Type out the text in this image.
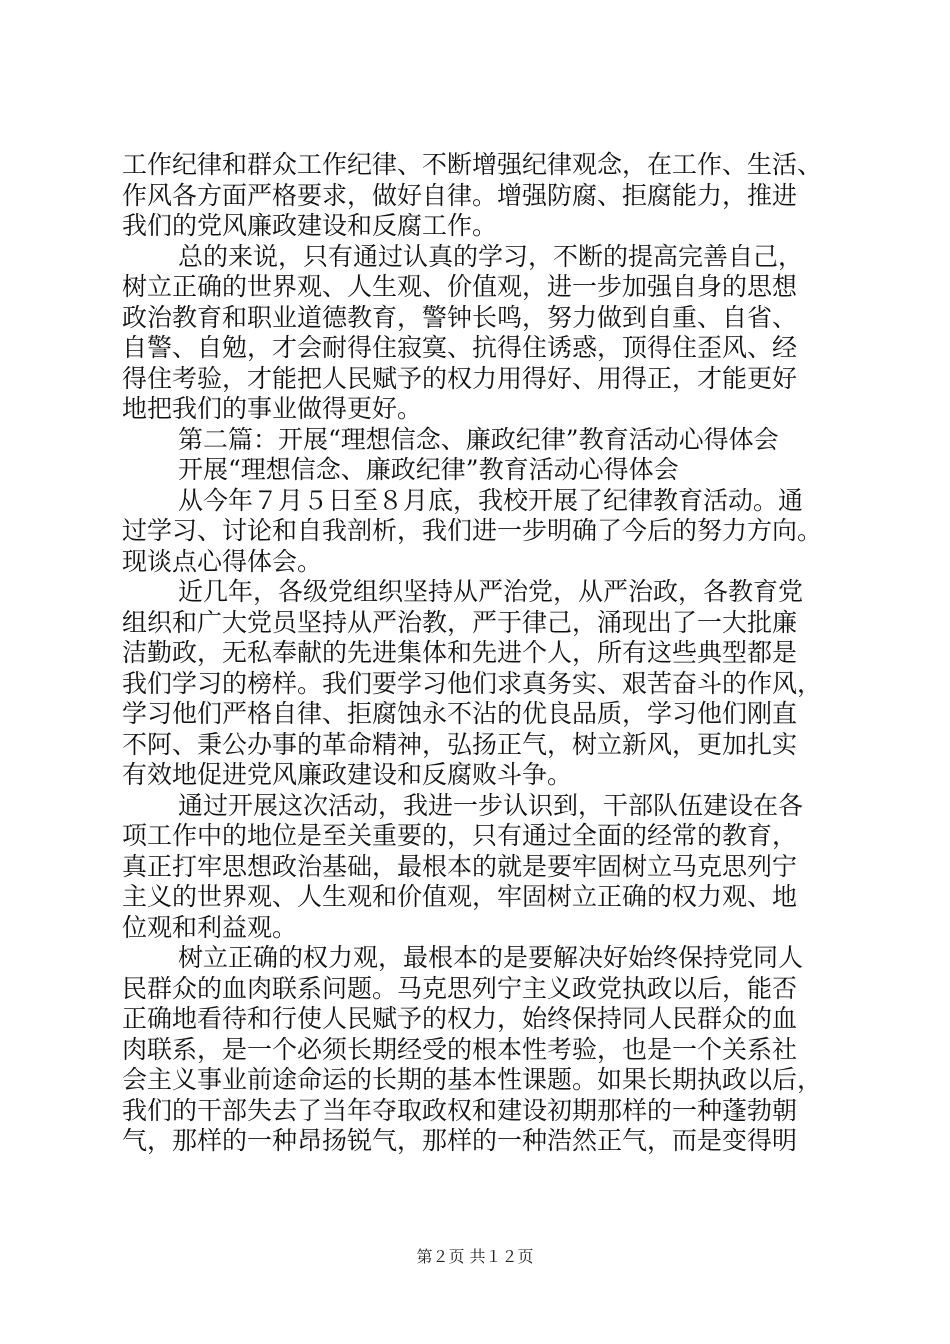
工作纪律和群众工作纪律、不断增强纪律观念，在工作、生活、
作风各方面严格要求，做好自律。增强防腐、拒腐能力，推进
我们的党风廉政建设和反腐工作。
总的来说，只有通过认真的学习，不断的提高完善自己，
树立正确的世界观、人生观、价值观，进一步加强自身的思想
政治教育和职业道德教育，警钟长鸣，努力做到自重、自省、
自警、自勉，才会耐得住寂寞、抗得住诱惑，顶得住歪风、经
得住考验，才能把人民赋予的权力用得好、用得正，才能更好
地把我们的事业做得更好。
第二篇：开展“理想信念、廉政纪律”教育活动心得体会
开展“理想信念、廉政纪律”教育活动心得体会
从今年７月５日至８月底，我校开展了纪律教育活动。通
过学习、讨论和自我剖析，我们进一步明确了今后的努力方向。
现谈点心得体会。
近几年，各级党组织坚持从严治党，从严治政，各教育党
组织和广大党员坚持从严治教，严于律己，涌现出了一大批廉
洁勤政，无私奉献的先进集体和先进个人，所有这些典型都是
我们学习的榜样。我们要学习他们求真务实、艰苦奋斗的作风，
学习他们严格自律、拒腐蚀永不沾的优良品质，学习他们刚直
不阿、秉公办事的革命精神，弘扬正气，树立新风，更加扎实
有效地促进党风廉政建设和反腐败斗争。
通过开展这次活动，我进一步认识到，干部队伍建设在各
项工作中的地位是至关重要的，只有通过全面的经常的教育，
真正打牢思想政治基础，最根本的就是要牢固树立马克思列宁
主义的世界观、人生观和价值观，牢固树立正确的权力观、地
位观和利益观。
树立正确的权力观，最根本的是要解决好始终保持党同人
民群众的血肉联系问题。马克思列宁主义政党执政以后，能否
正确地看待和行使人民赋予的权力，始终保持同人民群众的血
肉联系，是一个必须长期经受的根本性考验，也是一个关系社
会主义事业前途命运的长期的基本性课题。如果长期执政以后，
我们的干部失去了当年夺取政权和建设初期那样的一种蓬勃朝
气，那样的一种昂扬锐气，那样的一种浩然正气，而是变得明
第２页 共１２页
